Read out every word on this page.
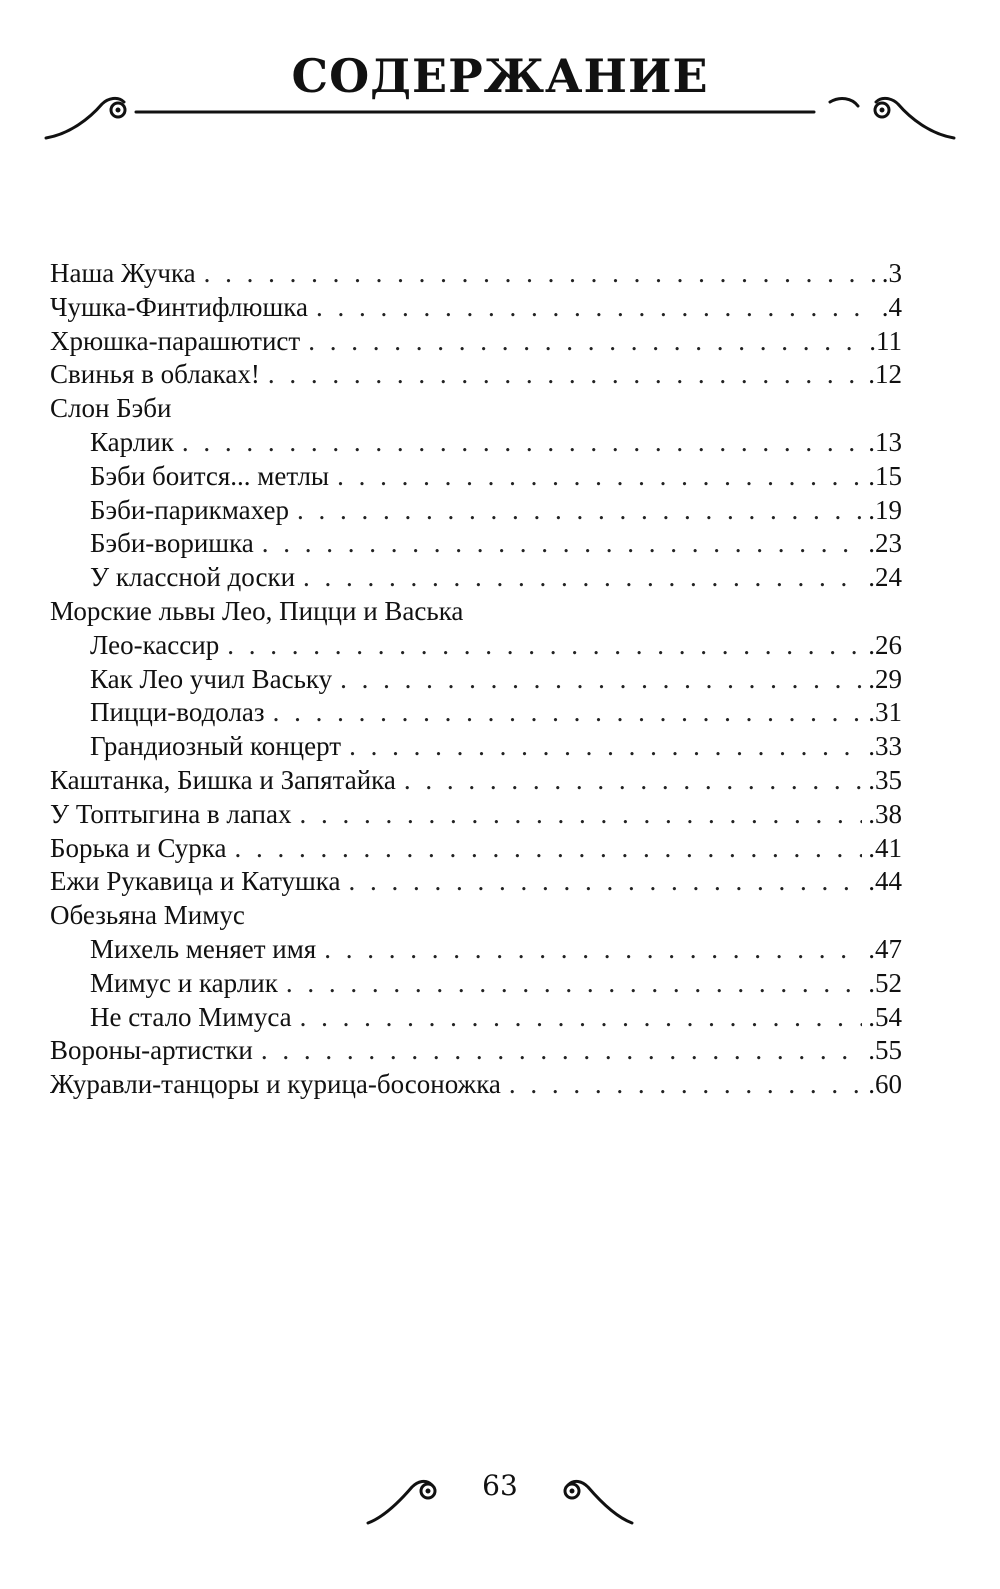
СОДЕРЖАНИЕ
Наша Жучка . . .	.3
Чушка-Финтифлюшка . . .	.4
Хрюшка-парашютист . . .	.11
Свинья в облаках! . . .	.12
Слон Бэби
Карлик . . .	.13
Бэби боится... метлы . . .	.15
Бэби-парикмахер . . .	.19
Бэби-воришка . . .	.23
У классной доски . . .	.24
Морские львы Лео, Пицци и Васька
Лео-кассир . . .	.26
Как Лео учил Ваську . . .	.29
Пицци-водолаз . . .	.31
Грандиозный концерт . . .	.33
Каштанка, Бишка и Запятайка . . .	.35
У Топтыгина в лапах . . .	.38
Борька и Сурка . . .	.41
Ежи Рукавица и Катушка . . .	.44
Обезьяна Мимус
Михель меняет имя . . .	.47
Мимус и карлик . . .	.52
Не стало Мимуса . . .	.54
Вороны-артистки . . .	.55
Журавли-танцоры и курица-босоножка . . .	.60

63
